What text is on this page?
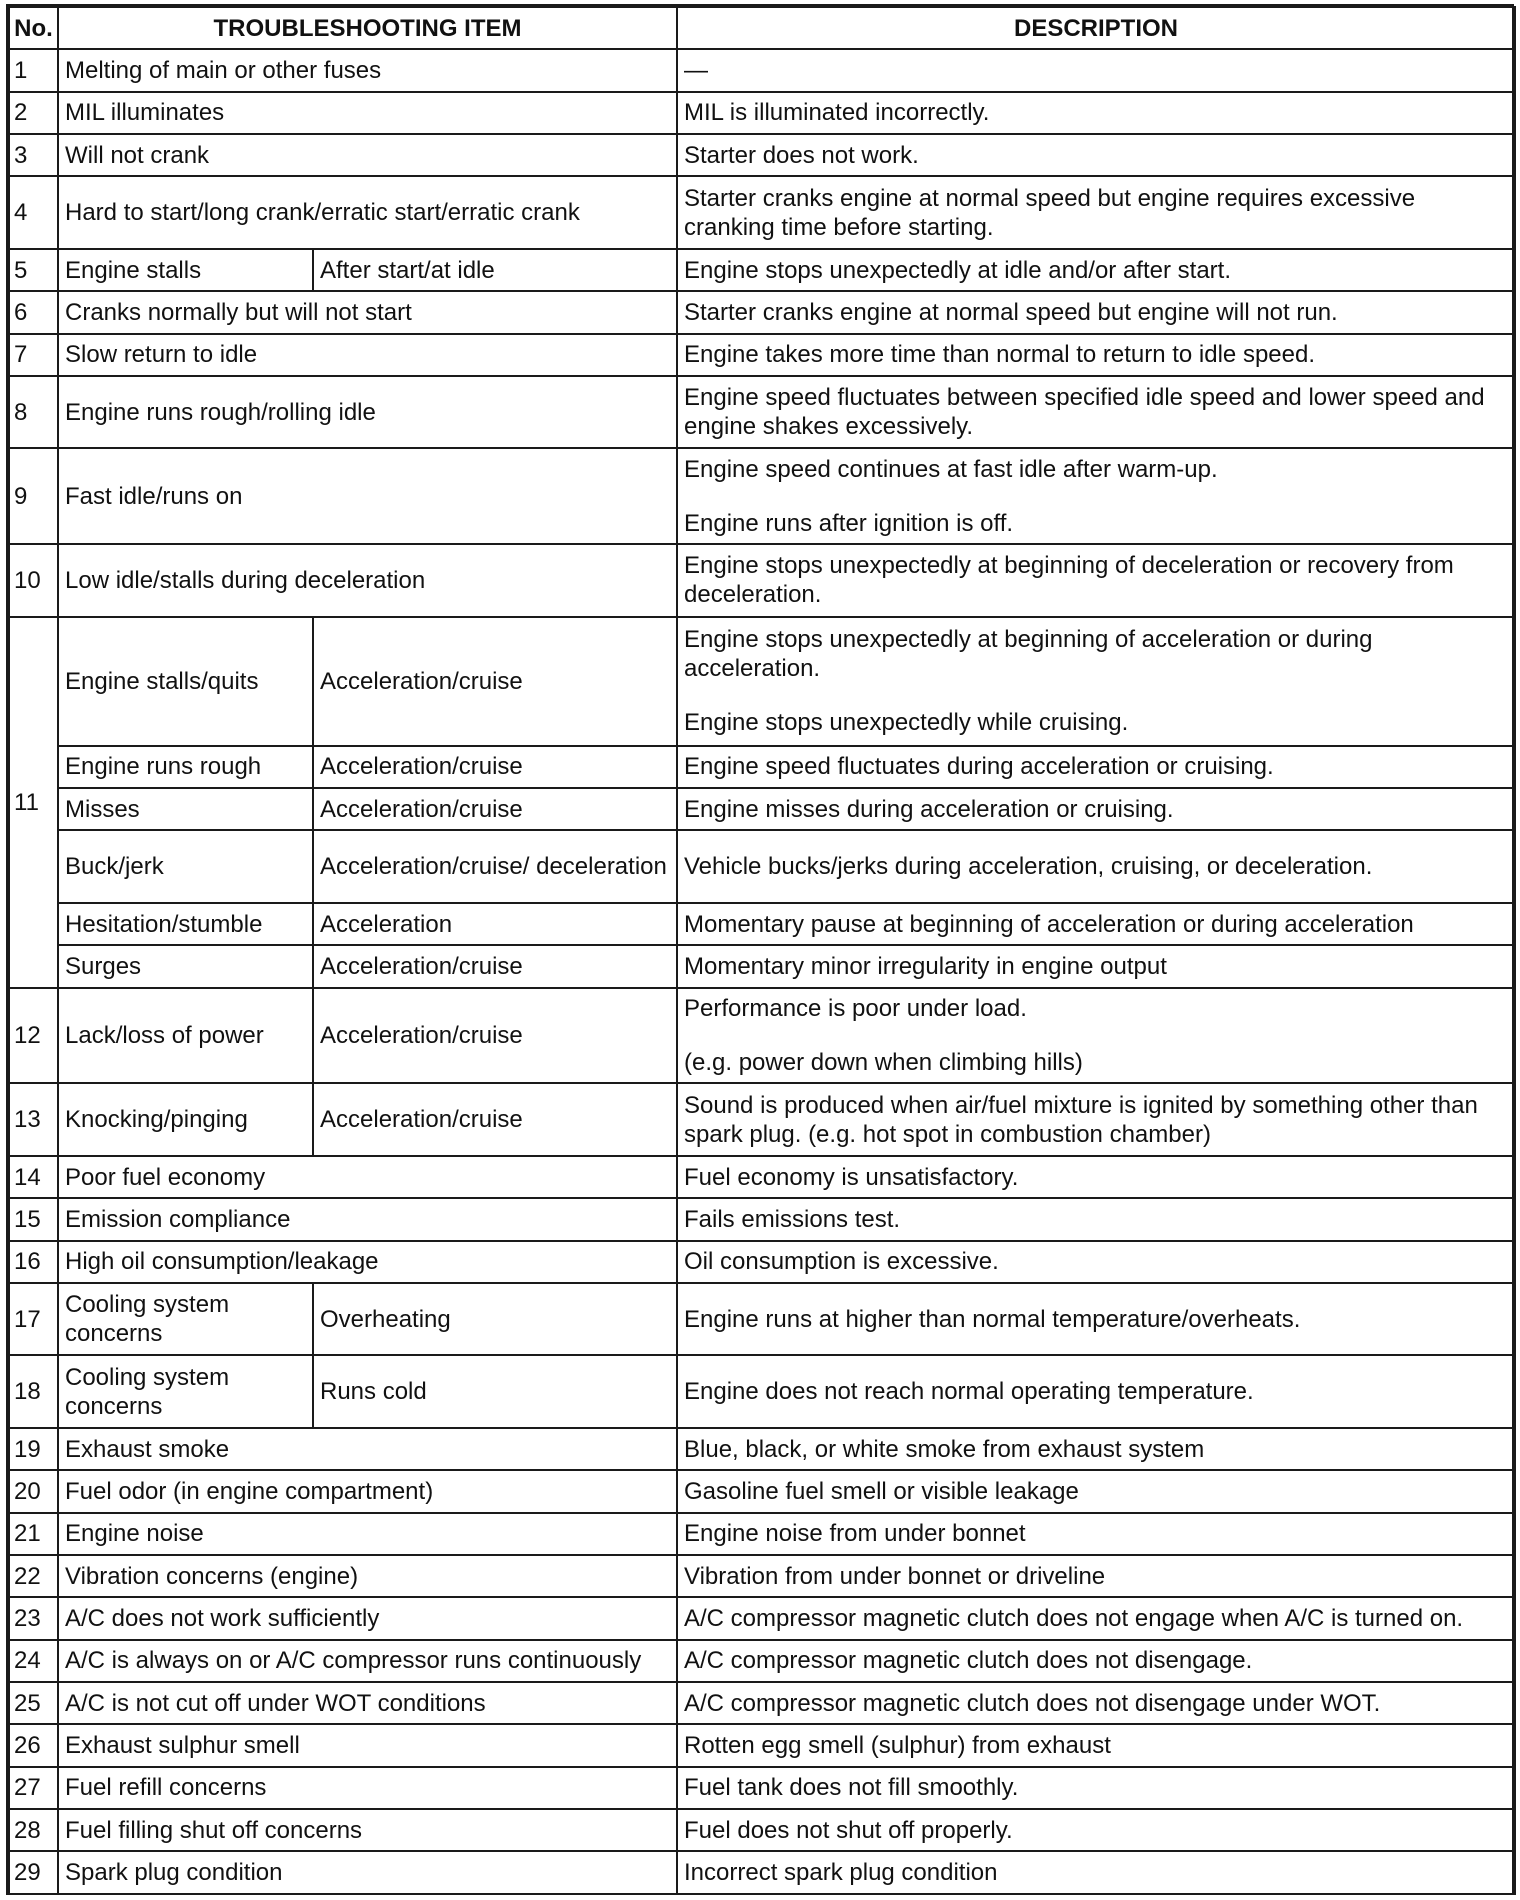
No.	TROUBLESHOOTING ITEM		DESCRIPTION
1	Melting of main or other fuses		—

2	MIL illuminates		MIL is illuminated incorrectly.

3	Will not crank		Starter does not work.

4	Hard to start/long crank/erratic start/erratic crank		Starter cranks engine at normal speed but engine requires excessive cranking time before starting.

5	Engine stalls	After start/at idle	Engine stops unexpectedly at idle and/or after start.

6	Cranks normally but will not start		Starter cranks engine at normal speed but engine will not run.

7	Slow return to idle		Engine takes more time than normal to return to idle speed.

8	Engine runs rough/rolling idle		Engine speed fluctuates between specified idle speed and lower speed and engine shakes excessively.

9	Fast idle/runs on		Engine speed continues at fast idle after warm-up.
Engine runs after ignition is off.

10	Low idle/stalls during deceleration		Engine stops unexpectedly at beginning of deceleration or recovery from deceleration.

11	Engine stalls/quits	Acceleration/cruise	Engine stops unexpectedly at beginning of acceleration or during acceleration.
Engine stops unexpectedly while cruising.

	Engine runs rough	Acceleration/cruise	Engine speed fluctuates during acceleration or cruising.

	Misses	Acceleration/cruise	Engine misses during acceleration or cruising.

	Buck/jerk	Acceleration/cruise/ deceleration	Vehicle bucks/jerks during acceleration, cruising, or deceleration.

	Hesitation/stumble	Acceleration	Momentary pause at beginning of acceleration or during acceleration

	Surges	Acceleration/cruise	Momentary minor irregularity in engine output

12	Lack/loss of power	Acceleration/cruise	Performance is poor under load.
(e.g. power down when climbing hills)

13	Knocking/pinging	Acceleration/cruise	Sound is produced when air/fuel mixture is ignited by something other than spark plug. (e.g. hot spot in combustion chamber)

14	Poor fuel economy		Fuel economy is unsatisfactory.

15	Emission compliance		Fails emissions test.

16	High oil consumption/leakage		Oil consumption is excessive.

17	Cooling system concerns	Overheating	Engine runs at higher than normal temperature/overheats.

18	Cooling system concerns	Runs cold	Engine does not reach normal operating temperature.

19	Exhaust smoke		Blue, black, or white smoke from exhaust system

20	Fuel odor (in engine compartment)		Gasoline fuel smell or visible leakage

21	Engine noise		Engine noise from under bonnet

22	Vibration concerns (engine)		Vibration from under bonnet or driveline

23	A/C does not work sufficiently		A/C compressor magnetic clutch does not engage when A/C is turned on.

24	A/C is always on or A/C compressor runs continuously		A/C compressor magnetic clutch does not disengage.

25	A/C is not cut off under WOT conditions		A/C compressor magnetic clutch does not disengage under WOT.

26	Exhaust sulphur smell		Rotten egg smell (sulphur) from exhaust

27	Fuel refill concerns		Fuel tank does not fill smoothly.

28	Fuel filling shut off concerns		Fuel does not shut off properly.

29	Spark plug condition		Incorrect spark plug condition
